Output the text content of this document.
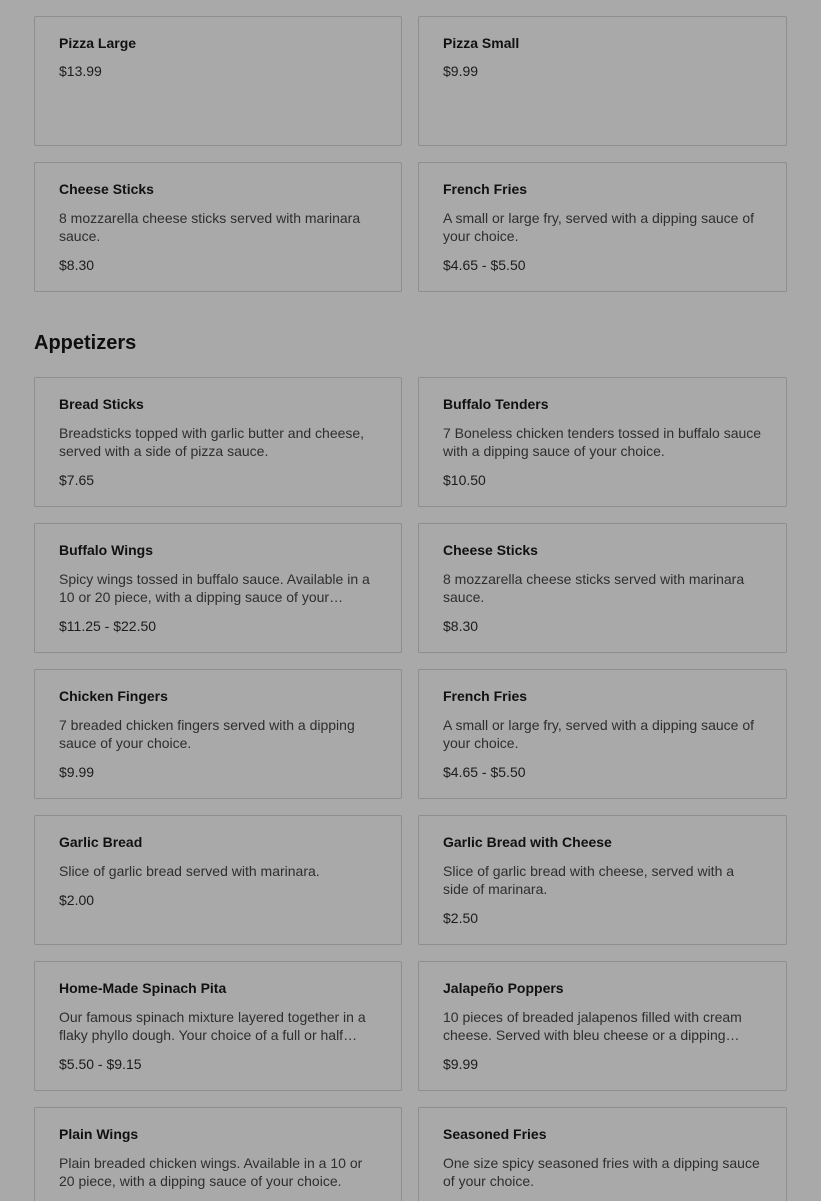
Pizza Large
$13.99
Pizza Small
$9.99
Cheese Sticks
8 mozzarella cheese sticks served with marinara sauce.
$8.30
French Fries
A small or large fry, served with a dipping sauce of your choice.
$4.65 - $5.50
Appetizers
Bread Sticks
Breadsticks topped with garlic butter and cheese, served with a side of pizza sauce.
$7.65
Buffalo Tenders
7 Boneless chicken tenders tossed in buffalo sauce with a dipping sauce of your choice.
$10.50
Buffalo Wings
Spicy wings tossed in buffalo sauce. Available in a 10 or 20 piece, with a dipping sauce of your
$11.25 - $22.50
Cheese Sticks
8 mozzarella cheese sticks served with marinara sauce.
$8.30
Chicken Fingers
7 breaded chicken fingers served with a dipping sauce of your choice.
$9.99
French Fries
A small or large fry, served with a dipping sauce of your choice.
$4.65 - $5.50
Garlic Bread
Slice of garlic bread served with marinara.
$2.00
Garlic Bread with Cheese
Slice of garlic bread with cheese, served with a side of marinara.
$2.50
Home-Made Spinach Pita
Our famous spinach mixture layered together in a flaky phyllo dough. Your choice of a full or half
$5.50 - $9.15
Jalapeño Poppers
10 pieces of breaded jalapenos filled with cream cheese. Served with bleu cheese or a dipping
$9.99
Plain Wings
Plain breaded chicken wings. Available in a 10 or 20 piece, with a dipping sauce of your choice.
Seasoned Fries
One size spicy seasoned fries with a dipping sauce of your choice.
